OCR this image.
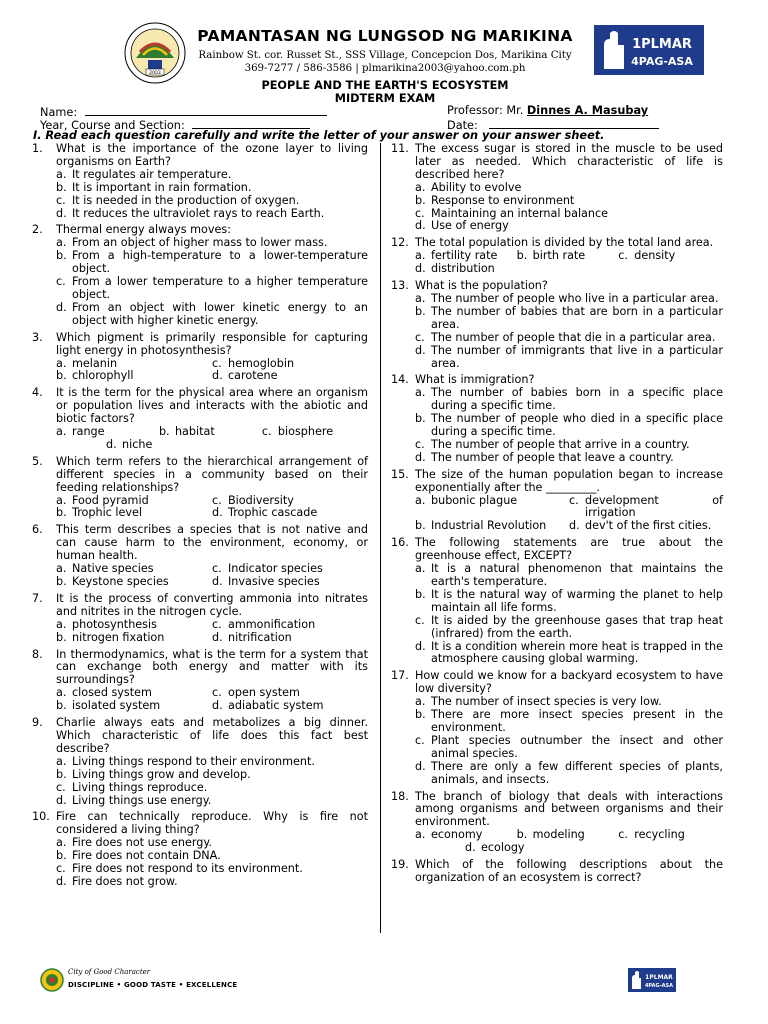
2003
PAMANTASAN NG LUNGSOD NG MARIKINA
Rainbow St. cor. Russet St., SSS Village, Concepcion Dos, Marikina City
369-7277 / 586-3586 | plmarikina2003@yahoo.com.ph
1PLMAR
4PAG-ASA
PEOPLE AND THE EARTH'S ECOSYSTEM
MIDTERM EXAM
Name:
Year, Course and Section:
Professor: Mr. Dinnes A. Masubay
Date:
I. Read each question carefully and write the letter of your answer on your answer sheet.
1. What is the importance of the ozone layer to living organisms on Earth?
a. It regulates air temperature.
b. It is important in rain formation.
c. It is needed in the production of oxygen.
d. It reduces the ultraviolet rays to reach Earth.
2. Thermal energy always moves:
a. From an object of higher mass to lower mass.
b. From a high-temperature to a lower-temperature object.
c. From a lower temperature to a higher temperature object.
d. From an object with lower kinetic energy to an object with higher kinetic energy.
3. Which pigment is primarily responsible for capturing light energy in photosynthesis?
a. melanin	c. hemoglobin
b. chlorophyll	d. carotene
4. It is the term for the physical area where an organism or population lives and interacts with the abiotic and biotic factors?
a. range	b. habitat	c. biosphere
d. niche
5. Which term refers to the hierarchical arrangement of different species in a community based on their feeding relationships?
a. Food pyramid	c. Biodiversity
b. Trophic level	d. Trophic cascade
6. This term describes a species that is not native and can cause harm to the environment, economy, or human health.
a. Native species	c. Indicator species
b. Keystone species	d. Invasive species
7. It is the process of converting ammonia into nitrates and nitrites in the nitrogen cycle.
a. photosynthesis	c. ammonification
b. nitrogen fixation	d. nitrification
8. In thermodynamics, what is the term for a system that can exchange both energy and matter with its surroundings?
a. closed system	c. open system
b. isolated system	d. adiabatic system
9. Charlie always eats and metabolizes a big dinner. Which characteristic of life does this fact best describe?
a. Living things respond to their environment.
b. Living things grow and develop.
c. Living things reproduce.
d. Living things use energy.
10. Fire can technically reproduce. Why is fire not considered a living thing?
a. Fire does not use energy.
b. Fire does not contain DNA.
c. Fire does not respond to its environment.
d. Fire does not grow.
11. The excess sugar is stored in the muscle to be used later as needed. Which characteristic of life is described here?
a. Ability to evolve
b. Response to environment
c. Maintaining an internal balance
d. Use of energy
12. The total population is divided by the total land area.
a. fertility rate	b. birth rate	c. density
d. distribution
13. What is the population?
a. The number of people who live in a particular area.
b. The number of babies that are born in a particular area.
c. The number of people that die in a particular area.
d. The number of immigrants that live in a particular area.
14. What is immigration?
a. The number of babies born in a specific place during a specific time.
b. The number of people who died in a specific place during a specific time.
c. The number of people that arrive in a country.
d. The number of people that leave a country.
15. The size of the human population began to increase exponentially after the _________.
a. bubonic plague	c. development of irrigation
b. Industrial Revolution	d. dev't of the first cities.
16. The following statements are true about the greenhouse effect, EXCEPT?
a. It is a natural phenomenon that maintains the earth's temperature.
b. It is the natural way of warming the planet to help maintain all life forms.
c. It is aided by the greenhouse gases that trap heat (infrared) from the earth.
d. It is a condition wherein more heat is trapped in the atmosphere causing global warming.
17. How could we know for a backyard ecosystem to have low diversity?
a. The number of insect species is very low.
b. There are more insect species present in the environment.
c. Plant species outnumber the insect and other animal species.
d. There are only a few different species of plants, animals, and insects.
18. The branch of biology that deals with interactions among organisms and between organisms and their environment.
a. economy	b. modeling	c. recycling
d. ecology
19. Which of the following descriptions about the organization of an ecosystem is correct?
City of Good Character
DISCIPLINE • GOOD TASTE • EXCELLENCE
1PLMAR
4PAG-ASA
